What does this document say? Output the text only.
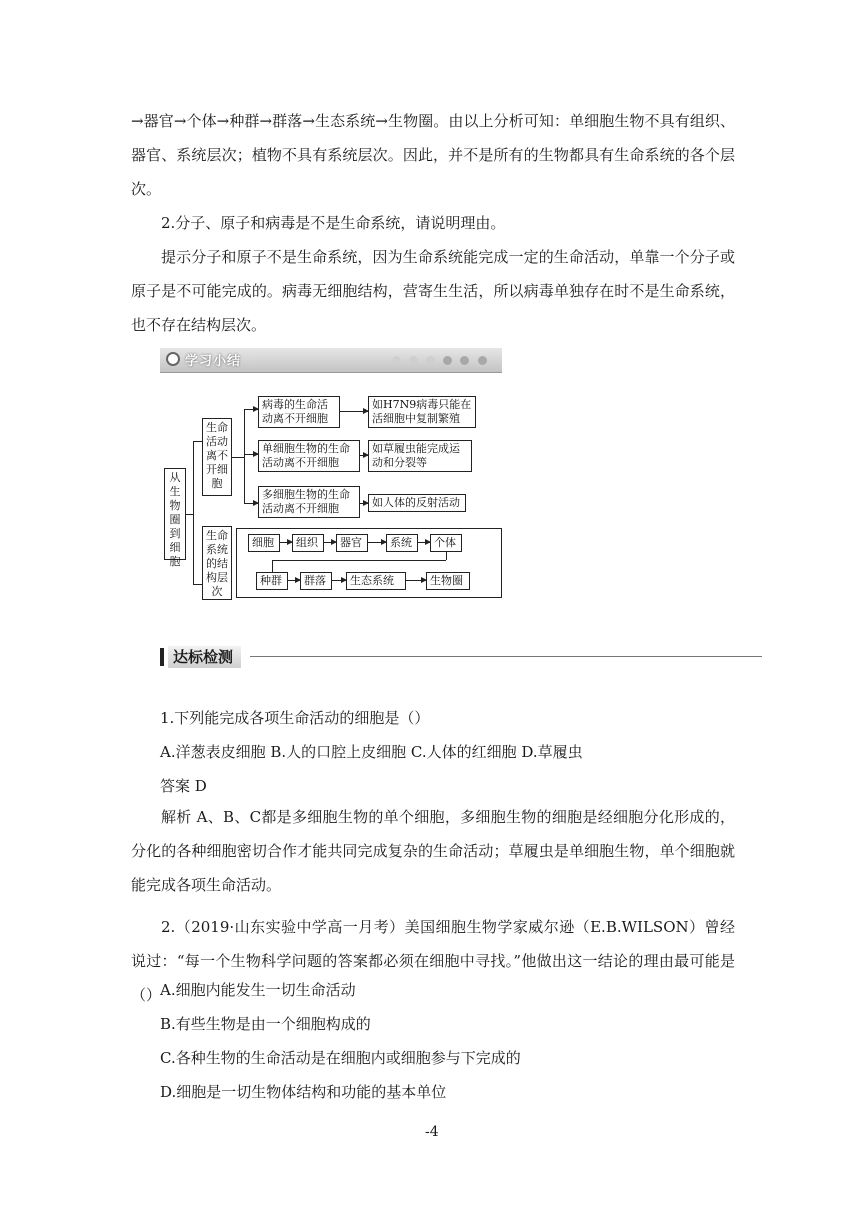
→器官→个体→种群→群落→生态系统→生物圈。由以上分析可知：单细胞生物不具有组织、器官、系统层次；植物不具有系统层次。因此，并不是所有的生物都具有生命系统的各个层次。

2.分子、原子和病毒是不是生命系统，请说明理由。

提示分子和原子不是生命系统，因为生命系统能完成一定的生命活动，单靠一个分子或原子是不可能完成的。病毒无细胞结构，营寄生生活，所以病毒单独存在时不是生命系统，也不存在结构层次。

学习小结
从生物圈到细胞
生命活动离不开细胞
病毒的生命活动离不开细胞
单细胞生物的生命活动离不开细胞
多细胞生物的生命活动离不开细胞
如H7N9病毒只能在活细胞中复制繁殖
如草履虫能完成运动和分裂等
如人体的反射活动
生命系统的结构层次
细胞	组织	器官	系统	个体
种群	群落	生态系统	生物圈
达标检测

1.下列能完成各项生命活动的细胞是（）

A.洋葱表皮细胞 B.人的口腔上皮细胞 C.人体的红细胞 D.草履虫

答案 D

解析 A、B、C都是多细胞生物的单个细胞，多细胞生物的细胞是经细胞分化形成的，分化的各种细胞密切合作才能共同完成复杂的生命活动；草履虫是单细胞生物，单个细胞就能完成各项生命活动。

2.（2019·山东实验中学高一月考）美国细胞生物学家威尔逊（E.B.WILSON）曾经说过：“每一个生物科学问题的答案都必须在细胞中寻找。”他做出这一结论的理由最可能是（）

A.细胞内能发生一切生命活动

B.有些生物是由一个细胞构成的

C.各种生物的生命活动是在细胞内或细胞参与下完成的

D.细胞是一切生物体结构和功能的基本单位

-4
